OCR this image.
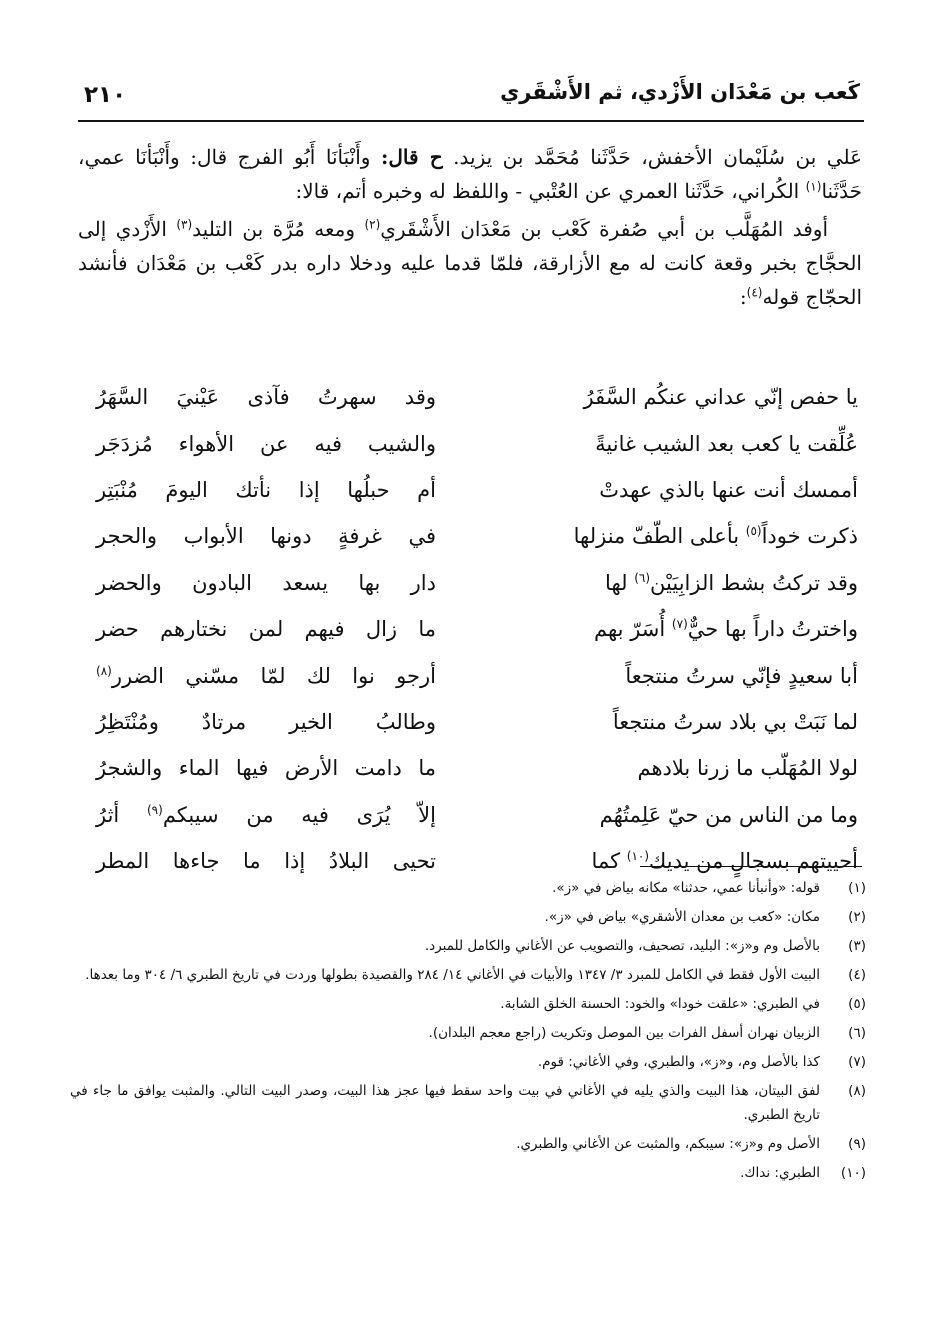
٢١٠	كَعب بن مَعْدَان الأَزْدي، ثم الأَشْقَري

عَلي بن سُلَيْمان الأخفش، حَدَّثَنا مُحَمَّد بن يزيد. ح قال: وأَنْبَأنَا أَبُو الفرج قال: وأَنْبَأنَا عمي، حَدَّثَنا$^{(١)}$ الكُراني، حَدَّثَنا العمري عن العُتْبي - واللفظ له وخبره أتم، قالا:

أوفد المُهَلَّب بن أبي صُفرة كَعْب بن مَعْدَان الأَشْقَري$^{(٢)}$ ومعه مُرَّة بن التليد$^{(٣)}$ الأَزْدي إلى الحجَّاج بخبر وقعة كانت له مع الأزارقة، فلمّا قدما عليه ودخلا داره بدر كَعْب بن مَعْدَان فأنشد الحجّاج قوله$^{(٤)}$:

يا حفص إنّي عداني عنكُم السَّفَرُ
وقد سهرتُ فآذى عَيْنيَ السَّهَرُ
عُلِّقت يا كعب بعد الشيب غانيةً
والشيب فيه عن الأهواء مُزدَجَر
أممسك أنت عنها بالذي عهدتْ
أم حبلُها إذا نأتك اليومَ مُنْبَتِر
ذكرت خوداً$^{(٥)}$ بأعلى الطّفّ منزلها
في غرفةٍ دونها الأبواب والحجر
وقد تركتُ بشط الزابِيَيْن$^{(٦)}$ لها
دار بها يسعد البادون والحضر
واخترتُ داراً بها حيٌّ$^{(٧)}$ أُسَرّ بهم
ما زال فيهم لمن نختارهم حضر
أبا سعيدٍ فإنّي سرتُ منتجعاً
أرجو نوا لك لمّا مسّني الضرر$^{(٨)}$
لما نَبَتْ بي بلاد سرتُ منتجعاً
وطالبُ الخير مرتادٌ ومُنْتَظِرُ
لولا المُهَلّب ما زرنا بلادهم
ما دامت الأرض فيها الماء والشجرُ
وما من الناس من حيّ عَلِمتُهُم
إلاّ يُرَى فيه من سيبكم$^{(٩)}$ أثرُ
أحييتهم بسجالٍ من يديك$^{(١٠)}$ كما
تحيى البلادُ إذا ما جاءها المطر
(١)
قوله: «وأنبأنا عمي، حدثنا» مكانه بياض في «ز».
(٢)
مكان: «كعب بن معدان الأشقري» بياض في «ز».
(٣)
بالأصل وم و«ز»: البليد، تصحيف، والتصويب عن الأغاني والكامل للمبرد.
(٤)
البيت الأول فقط في الكامل للمبرد ٣/ ١٣٤٧ والأبيات في الأغاني ١٤/ ٢٨٤ والقصيدة بطولها وردت في تاريخ الطبري ٦/ ٣٠٤ وما بعدها.
(٥)
في الطبري: «علقت خودا» والخود: الحسنة الخلق الشابة.
(٦)
الزبيان نهران أسفل الفرات بين الموصل وتكريت (راجع معجم البلدان).
(٧)
كذا بالأصل وم، و«ز»، والطبري، وفي الأغاني: قوم.
(٨)
لفق البيتان، هذا البيت والذي يليه في الأغاني في بيت واحد سقط فيها عجز هذا البيت، وصدر البيت التالي. والمثبت يوافق ما جاء في تاريخ الطبري.
(٩)
الأصل وم و«ز»: سيبكم، والمثبت عن الأغاني والطبري.
(١٠)
الطبري: نداك.
